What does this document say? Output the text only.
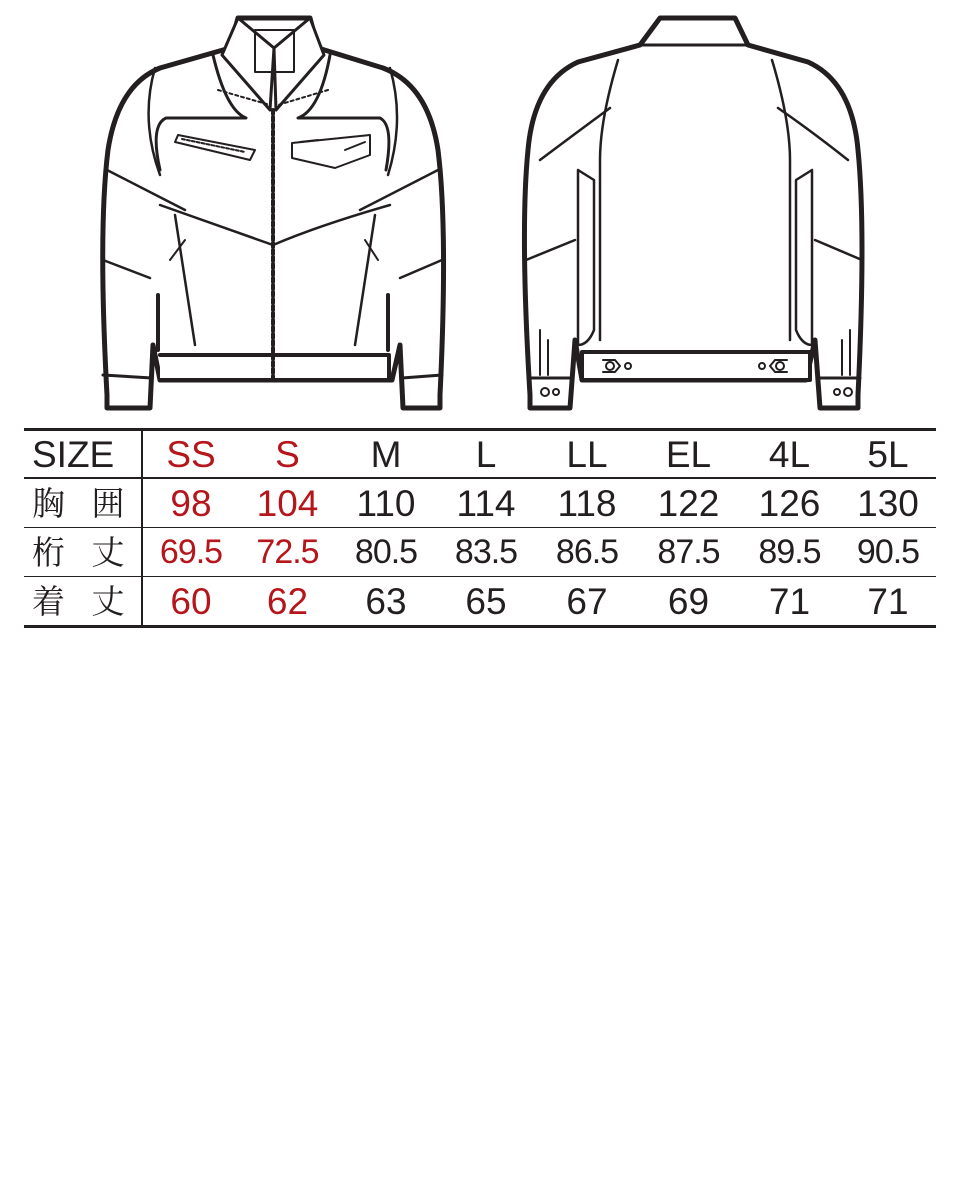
SIZE	SS	S	M	L	LL	EL	4L	5L
胸 囲	98	104	110	114	118	122	126	130
桁 丈	69.5	72.5	80.5	83.5	86.5	87.5	89.5	90.5
着 丈	60	62	63	65	67	69	71	71
